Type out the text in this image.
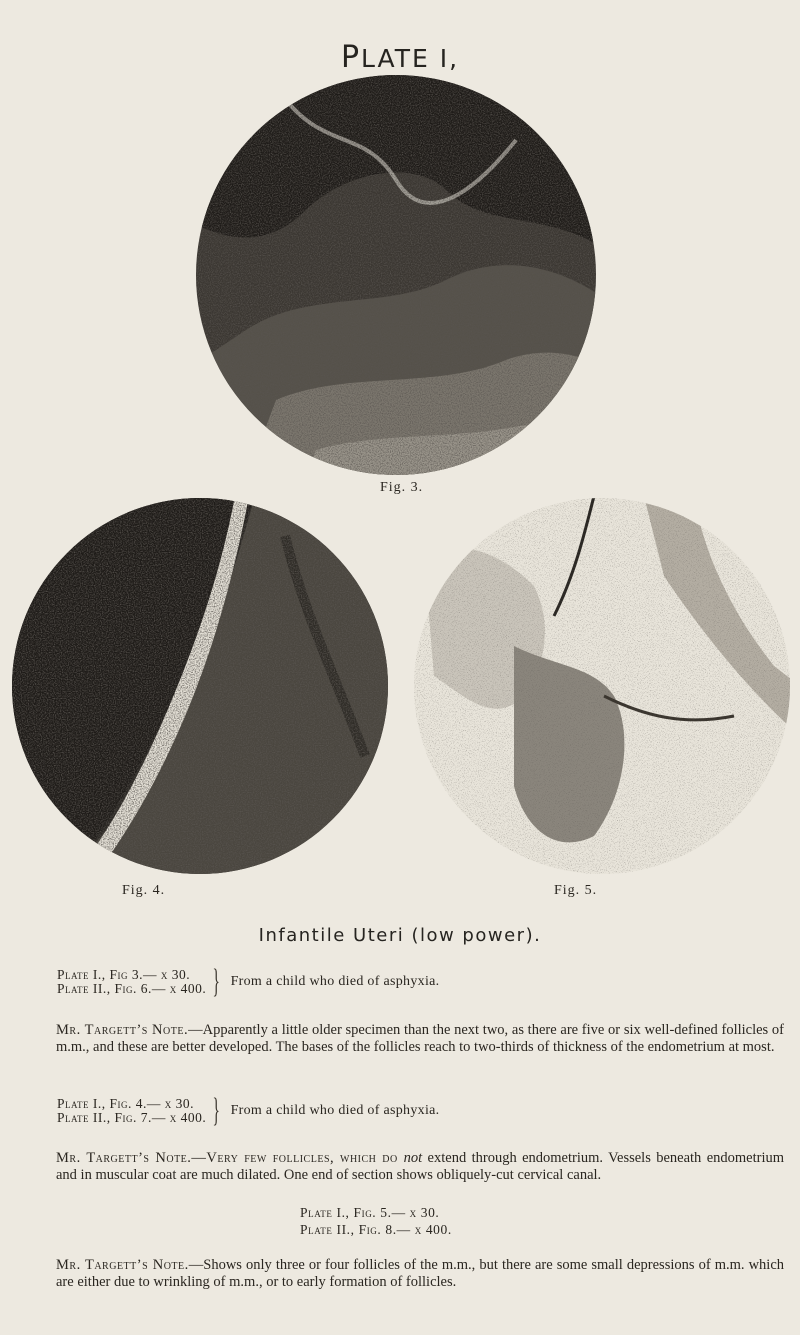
PLATE I,
Fig. 3.
Fig. 4.	Fig. 5.
Infantile Uteri (low power).
Plate I., Fig 3.— x 30.
Plate II., Fig. 6.— x 400. } From a child who died of asphyxia.
Mr. Targett’s Note.—Apparently a little older specimen than the next two, as there are five or six well-defined follicles of m.m., and these are better developed. The bases of the follicles reach to two-thirds of thickness of the endometrium at most.
Plate I., Fig. 4.— x 30.
Plate II., Fig. 7.— x 400. } From a child who died of asphyxia.
Mr. Targett’s Note.—Very few follicles, which do not extend through endometrium. Vessels beneath endometrium and in muscular coat are much dilated. One end of section shows obliquely-cut cervical canal.
Plate I., Fig. 5.— x 30.
Plate II., Fig. 8.— x 400.
Mr. Targett’s Note.—Shows only three or four follicles of the m.m., but there are some small depressions of m.m. which are either due to wrinkling of m.m., or to early formation of follicles.
